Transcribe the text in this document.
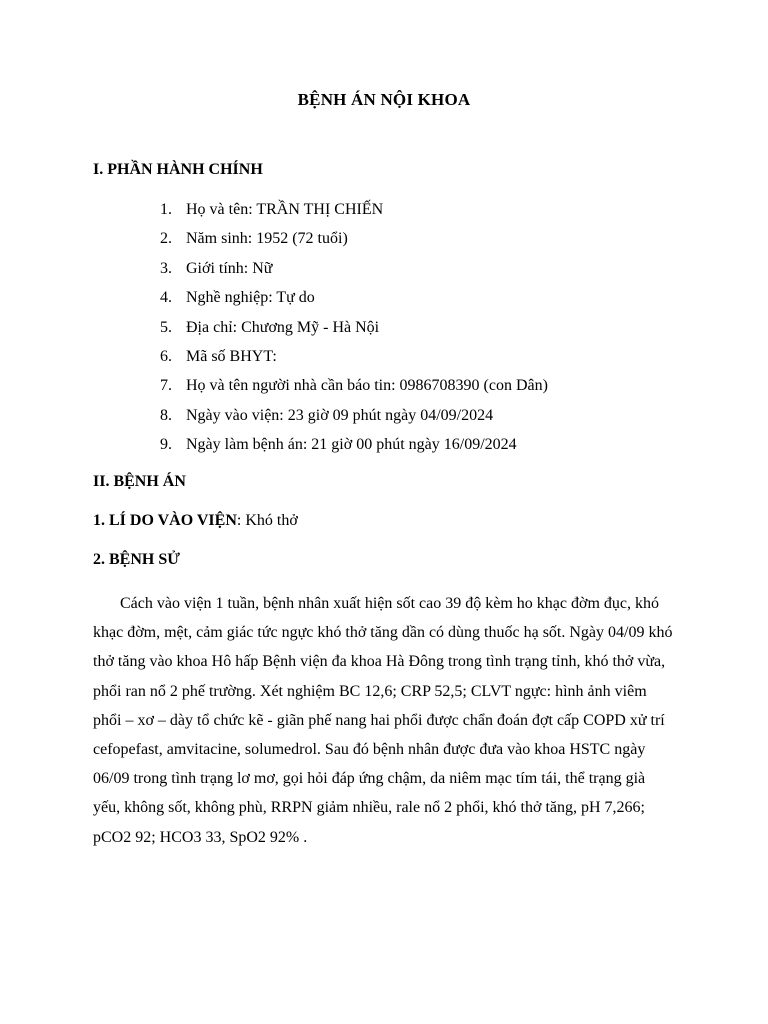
BỆNH ÁN NỘI KHOA
I. PHẦN HÀNH CHÍNH
1. Họ và tên: TRẦN THỊ CHIẾN
2. Năm sinh: 1952 (72 tuổi)
3. Giới tính: Nữ
4. Nghề nghiệp: Tự do
5. Địa chỉ: Chương Mỹ - Hà Nội
6. Mã số BHYT:
7. Họ và tên người nhà cần báo tin: 0986708390 (con Dân)
8. Ngày vào viện: 23 giờ 09 phút ngày 04/09/2024
9. Ngày làm bệnh án: 21 giờ 00 phút ngày 16/09/2024
II. BỆNH ÁN
1. LÍ DO VÀO VIỆN: Khó thở
2. BỆNH SỬ

Cách vào viện 1 tuần, bệnh nhân xuất hiện sốt cao 39 độ kèm ho khạc đờm đục, khó khạc đờm, mệt, cảm giác tức ngực khó thở tăng dần có dùng thuốc hạ sốt. Ngày 04/09 khó thở tăng vào khoa Hô hấp Bệnh viện đa khoa Hà Đông trong tình trạng tỉnh, khó thở vừa, phổi ran nổ 2 phế trường. Xét nghiệm BC 12,6; CRP 52,5; CLVT ngực: hình ảnh viêm phổi – xơ – dày tổ chức kẽ - giãn phế nang hai phổi được chẩn đoán đợt cấp COPD xử trí cefopefast, amvitacine, solumedrol. Sau đó bệnh nhân được đưa vào khoa HSTC ngày 06/09 trong tình trạng lơ mơ, gọi hỏi đáp ứng chậm, da niêm mạc tím tái, thể trạng già yếu, không sốt, không phù, RRPN giảm nhiều, rale nổ 2 phổi, khó thở tăng, pH 7,266; pCO2 92; HCO3 33, SpO2 92% .
